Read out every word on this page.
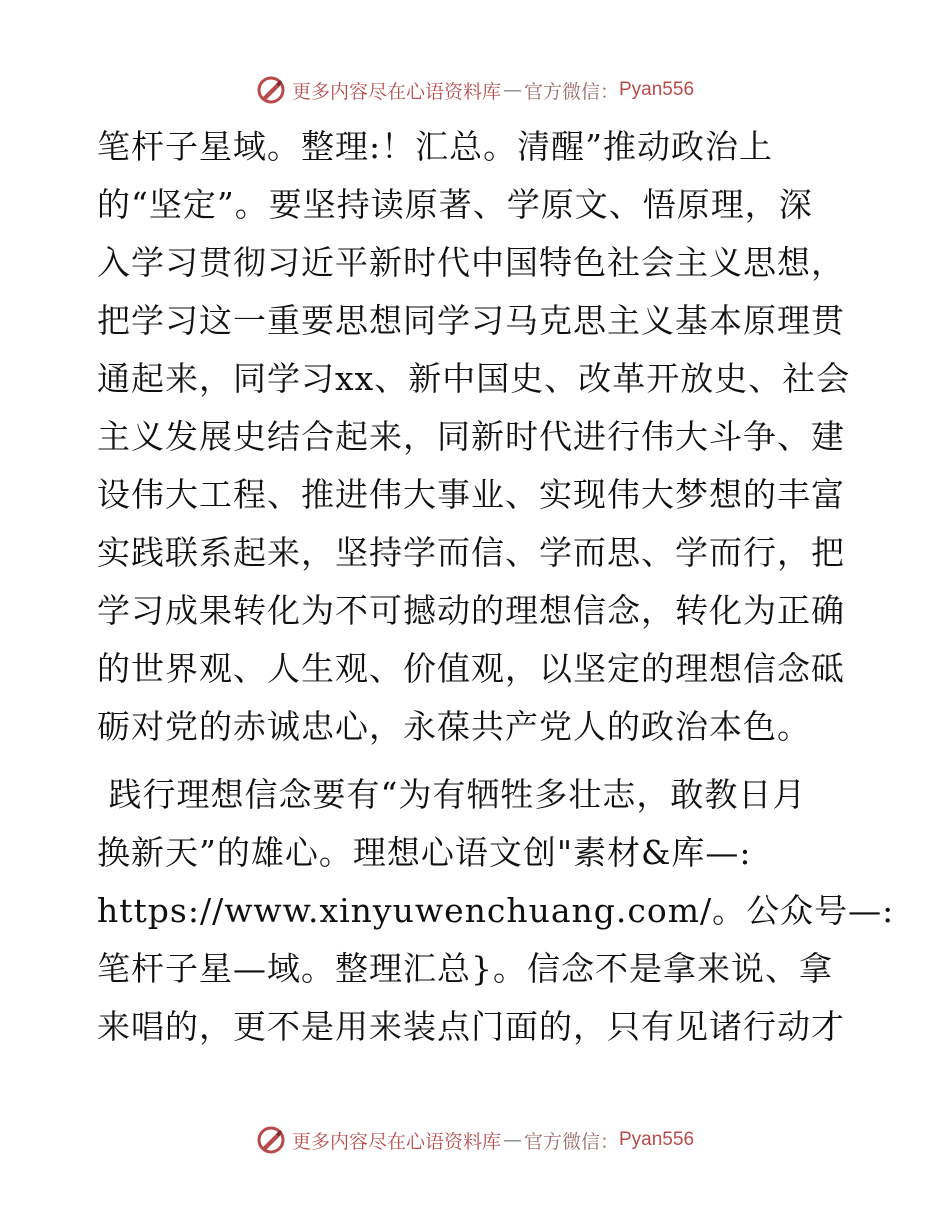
更多内容尽在心语资料库 — 官方微信： Pyan556

笔杆子星域。整理:！汇总。清醒”推动政治上
的“坚定”。要坚持读原著、学原文、悟原理，深
入学习贯彻习近平新时代中国特色社会主义思想，
把学习这一重要思想同学习马克思主义基本原理贯
通起来，同学习xx、新中国史、改革开放史、社会
主义发展史结合起来，同新时代进行伟大斗争、建
设伟大工程、推进伟大事业、实现伟大梦想的丰富
实践联系起来，坚持学而信、学而思、学而行，把
学习成果转化为不可撼动的理想信念，转化为正确
的世界观、人生观、价值观，以坚定的理想信念砥
砺对党的赤诚忠心，永葆共产党人的政治本色。

践行理想信念要有“为有牺牲多壮志，敢教日月
换新天”的雄心。理想心语文创"素材&库—:
https://www.xinyuwenchuang.com/。公众号—:
笔杆子星—域。整理汇总}。信念不是拿来说、拿
来唱的，更不是用来装点门面的，只有见诸行动才

更多内容尽在心语资料库 — 官方微信： Pyan556
